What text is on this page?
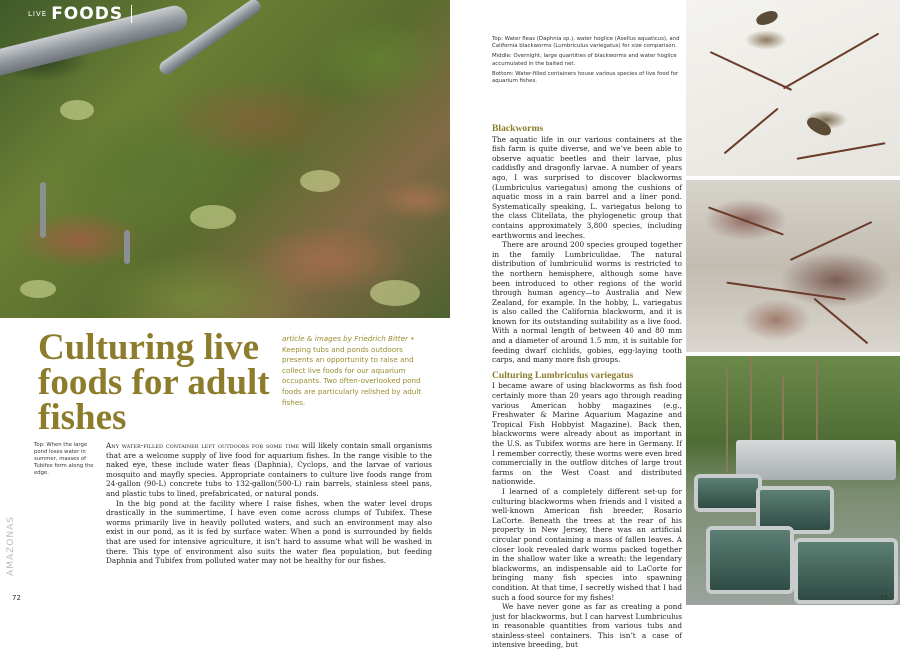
LIVE FOODS
Culturing live foods for adult fishes
article & images by Friedrich Bitter • Keeping tubs and ponds outdoors presents an opportunity to raise and collect live foods for our aquarium occupants. Two often-overlooked pond foods are particularly relished by adult fishes.
Top: When the large pond loses water in summer, masses of Tubifex form along the edge.

Any water-filled container left outdoors for some time will likely contain small organisms that are a welcome supply of live food for aquarium fishes. In the range visible to the naked eye, these include water fleas (Daphnia), Cyclops, and the larvae of various mosquito and mayfly species. Appropriate containers to culture live foods range from 24-gallon (90-L) concrete tubs to 132-gallon(500-L) rain barrels, stainless steel pans, and plastic tubs to lined, prefabricated, or natural ponds.

In the big pond at the facility where I raise fishes, when the water level drops drastically in the summertime, I have even come across clumps of Tubifex. These worms primarily live in heavily polluted waters, and such an environment may also exist in our pond, as it is fed by surface water. When a pond is surrounded by fields that are used for intensive agriculture, it isn’t hard to assume what will be washed in there. This type of environment also suits the water flea population, but feeding Daphnia and Tubifex from polluted water may not be healthy for our fishes.

AMAZONAS
72

Top: Water fleas (Daphnia sp.), water hoglice (Asellus aquaticus), and California blackworms (Lumbriculus variegatus) for size comparison.

Middle: Overnight, large quantities of blackworms and water hoglice accumulated in the baited net.

Bottom: Water-filled containers house various species of live food for aquarium fishes.

Blackworms

The aquatic life in our various containers at the fish farm is quite diverse, and we’ve been able to observe aquatic beetles and their larvae, plus caddisfly and dragonfly larvae. A number of years ago, I was surprised to discover blackworms (Lumbriculus variegatus) among the cushions of aquatic moss in a rain barrel and a liner pond. Systematically speaking, L. variegatus belong to the class Clitellata, the phylogenetic group that contains approximately 3,800 species, including earthworms and leeches.

There are around 200 species grouped together in the family Lumbriculidae. The natural distribution of lumbriculid worms is restricted to the northern hemisphere, although some have been introduced to other regions of the world through human agency—to Australia and New Zealand, for example. In the hobby, L. variegatus is also called the California blackworm, and it is known for its outstanding suitability as a live food. With a normal length of between 40 and 80 mm and a diameter of around 1.5 mm, it is suitable for feeding dwarf cichlids, gobies, egg-laying tooth carps, and many more fish groups.

Culturing Lumbriculus variegatus

I became aware of using blackworms as fish food certainly more than 20 years ago through reading various American hobby magazines (e.g., Freshwater & Marine Aquarium Magazine and Tropical Fish Hobbyist Magazine). Back then, blackworms were already about as important in the U.S. as Tubifex worms are here in Germany. If I remember correctly, these worms were even bred commercially in the outflow ditches of large trout farms on the West Coast and distributed nationwide.

I learned of a completely different set-up for culturing blackworms when friends and I visited a well-known American fish breeder, Rosario LaCorte. Beneath the trees at the rear of his property in New Jersey, there was an artificial circular pond containing a mass of fallen leaves. A closer look revealed dark worms packed together in the shallow water like a wreath: the legendary blackworms, an indispensable aid to LaCorte for bringing many fish species into spawning condition. At that time, I secretly wished that I had such a food source for my fishes!

We have never gone as far as creating a pond just for blackworms, but I can harvest Lumbriculus in reasonable quantities from various tubs and stainless-steel containers. This isn’t a case of intensive breeding, but

73
